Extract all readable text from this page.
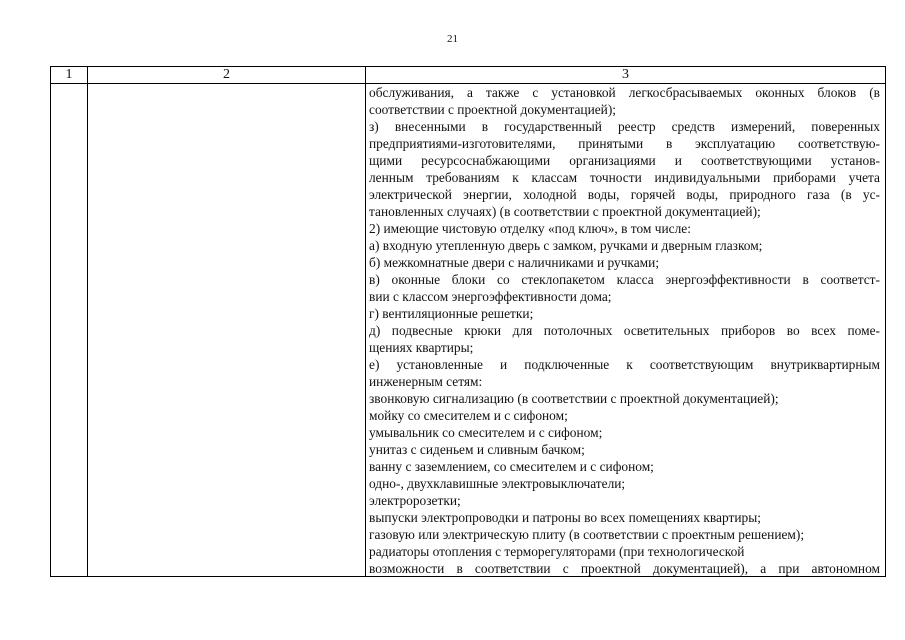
21
1	2	3
обслуживания, а также с установкой легкосбрасываемых оконных блоков (в
соответствии с проектной документацией);
з) внесенными в государственный реестр средств измерений, поверенных
предприятиями-изготовителями, принятыми в эксплуатацию соответствую-
щими ресурсоснабжающими организациями и соответствующими установ-
ленным требованиям к классам точности индивидуальными приборами учета
электрической энергии, холодной воды, горячей воды, природного газа (в ус-
тановленных случаях) (в соответствии с проектной документацией);
2) имеющие чистовую отделку «под ключ», в том числе:
а) входную утепленную дверь с замком, ручками и дверным глазком;
б) межкомнатные двери с наличниками и ручками;
в) оконные блоки со стеклопакетом класса энергоэффективности в соответст-
вии с классом энергоэффективности дома;
г) вентиляционные решетки;
д) подвесные крюки для потолочных осветительных приборов во всех поме-
щениях квартиры;
е) установленные и подключенные к соответствующим внутриквартирным
инженерным сетям:
звонковую сигнализацию (в соответствии с проектной документацией);
мойку со смесителем и с сифоном;
умывальник со смесителем и с сифоном;
унитаз с сиденьем и сливным бачком;
ванну с заземлением, со смесителем и с сифоном;
одно-, двухклавишные электровыключатели;
электророзетки;
выпуски электропроводки и патроны во всех помещениях квартиры;
газовую или электрическую плиту (в соответствии с проектным решением);
радиаторы отопления с терморегуляторами (при технологической
возможности в соответствии с проектной документацией), а при автономном
